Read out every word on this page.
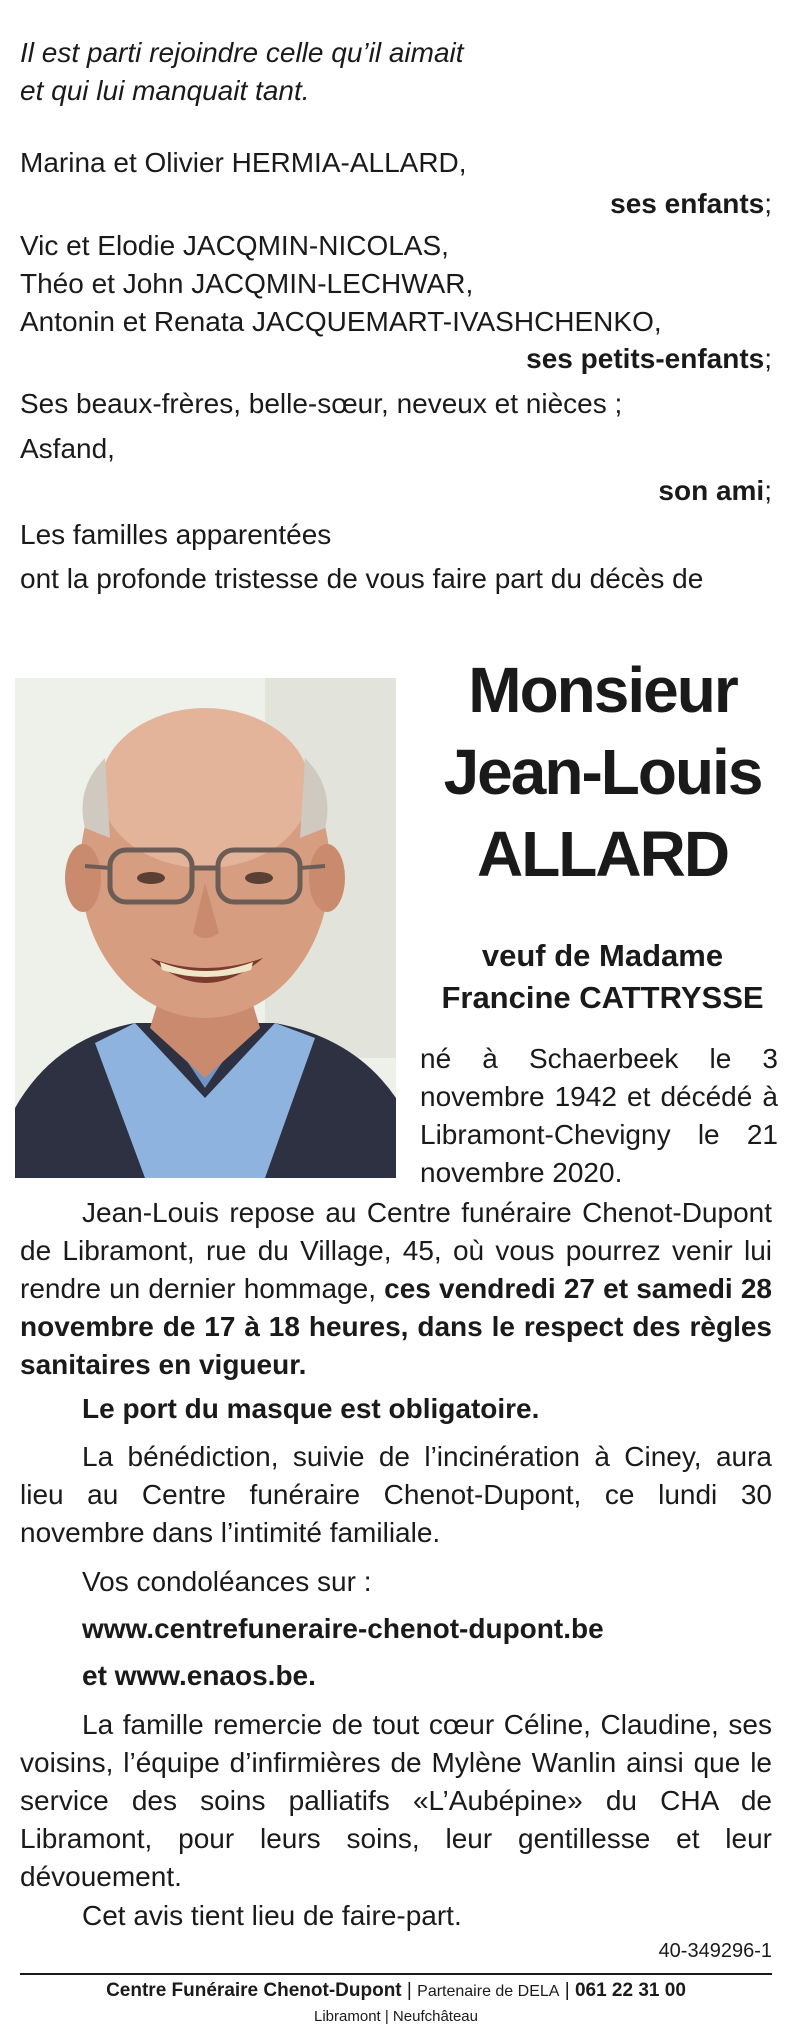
Il est parti rejoindre celle qu’il aimait
et qui lui manquait tant.
Marina et Olivier HERMIA-ALLARD,
ses enfants;
Vic et Elodie JACQMIN-NICOLAS,
Théo et John JACQMIN-LECHWAR,
Antonin et Renata JACQUEMART-IVASHCHENKO,
ses petits-enfants;
Ses beaux-frères, belle-sœur, neveux et nièces ;
Asfand,
son ami;
Les familles apparentées
ont la profonde tristesse de vous faire part du décès de
Monsieur
Jean-Louis
ALLARD
veuf de Madame
Francine CATTRYSSE
né à Schaerbeek le 3 novembre 1942 et décédé à Libramont-Chevigny le 21 novembre 2020.
Jean-Louis repose au Centre funéraire Chenot-Dupont de Libramont, rue du Village, 45, où vous pourrez venir lui rendre un dernier hommage, ces vendredi 27 et samedi 28 novembre de 17 à 18 heures, dans le respect des règles sanitaires en vigueur.
Le port du masque est obligatoire.
La bénédiction, suivie de l’incinération à Ciney, aura lieu au Centre funéraire Chenot-Dupont, ce lundi 30 novembre dans l’intimité familiale.
Vos condoléances sur :
www.centrefuneraire-chenot-dupont.be
et www.enaos.be.
La famille remercie de tout cœur Céline, Claudine, ses voisins, l’équipe d’infirmières de Mylène Wanlin ainsi que le service des soins palliatifs «L’Aubépine» du CHA de Libramont, pour leurs soins, leur gentillesse et leur dévouement.
Cet avis tient lieu de faire-part.
40-349296-1
Centre Funéraire Chenot-Dupont | Partenaire de DELA | 061 22 31 00
Libramont | Neufchâteau
